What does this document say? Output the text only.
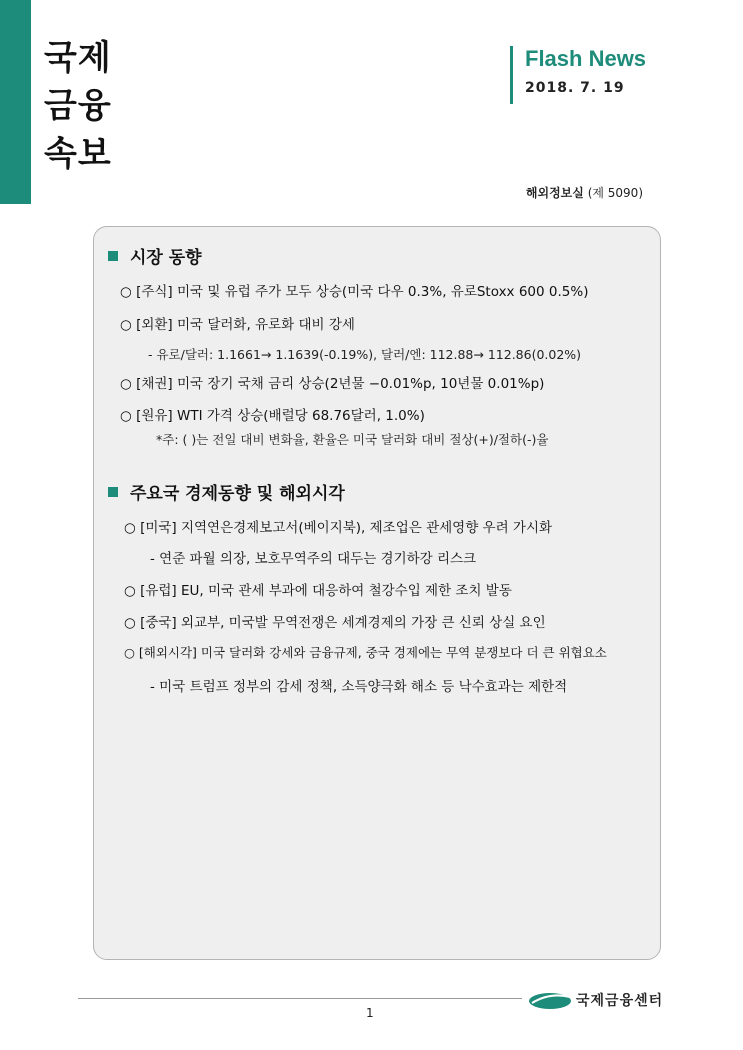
국제
금융
속보
Flash News
2018. 7. 19
해외정보실 (제 5090)
시장 동향
○ [주식] 미국 및 유럽 주가 모두 상승(미국 다우 0.3%, 유로Stoxx 600 0.5%)
○ [외환] 미국 달러화, 유로화 대비 강세
- 유로/달러: 1.1661→ 1.1639(-0.19%), 달러/엔: 112.88→ 112.86(0.02%)
○ [채권] 미국 장기 국채 금리 상승(2년물 −0.01%p, 10년물 0.01%p)
○ [원유] WTI 가격 상승(배럴당 68.76달러, 1.0%)
*주: ( )는 전일 대비 변화율, 환율은 미국 달러화 대비 절상(+)/절하(-)율
주요국 경제동향 및 해외시각
○ [미국] 지역연은경제보고서(베이지북), 제조업은 관세영향 우려 가시화
- 연준 파월 의장, 보호무역주의 대두는 경기하강 리스크
○ [유럽] EU, 미국 관세 부과에 대응하여 철강수입 제한 조치 발동
○ [중국] 외교부, 미국발 무역전쟁은 세계경제의 가장 큰 신뢰 상실 요인
○ [해외시각] 미국 달러화 강세와 금융규제, 중국 경제에는 무역 분쟁보다 더 큰 위협요소
- 미국 트럼프 정부의 감세 정책, 소득양극화 해소 등 낙수효과는 제한적
1
국제금융센터
